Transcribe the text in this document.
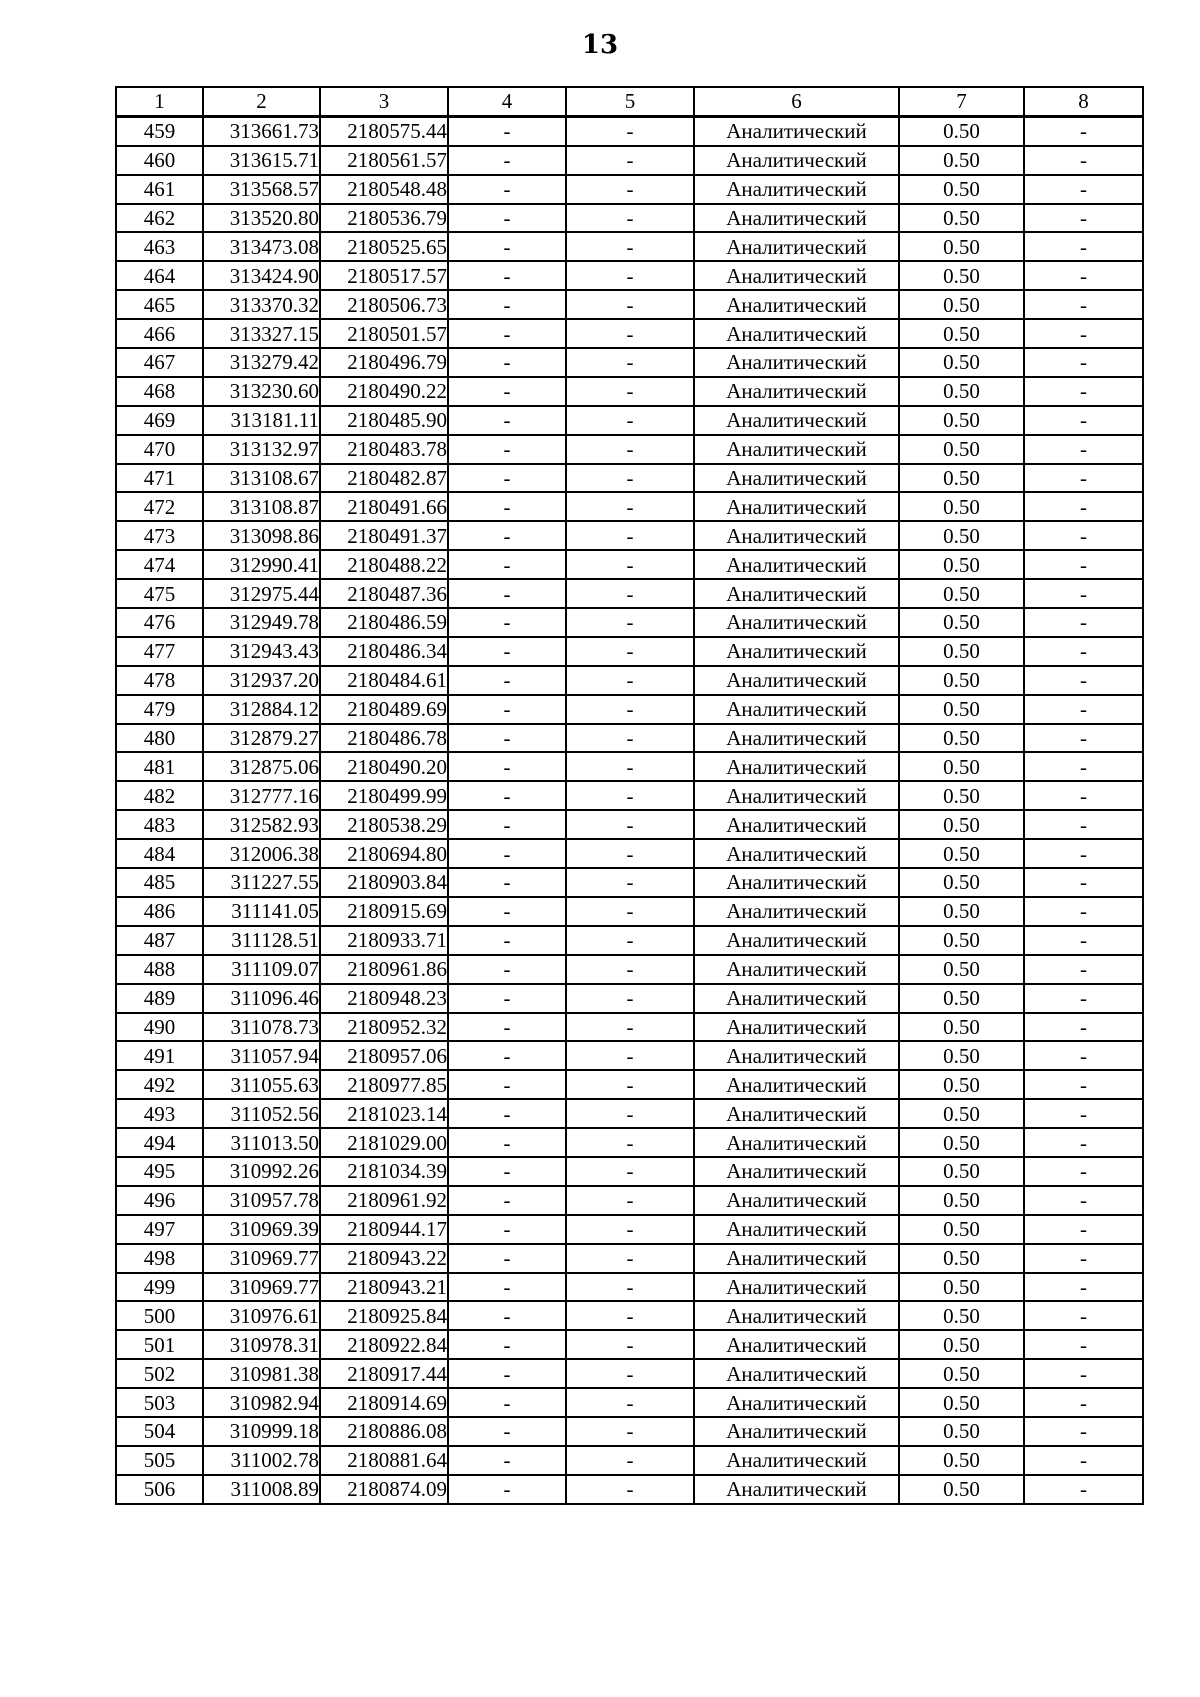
13
1	2	3	4	5	6	7	8
459	313661.73	2180575.44	-	-	Аналитический	0.50	-
460	313615.71	2180561.57	-	-	Аналитический	0.50	-
461	313568.57	2180548.48	-	-	Аналитический	0.50	-
462	313520.80	2180536.79	-	-	Аналитический	0.50	-
463	313473.08	2180525.65	-	-	Аналитический	0.50	-
464	313424.90	2180517.57	-	-	Аналитический	0.50	-
465	313370.32	2180506.73	-	-	Аналитический	0.50	-
466	313327.15	2180501.57	-	-	Аналитический	0.50	-
467	313279.42	2180496.79	-	-	Аналитический	0.50	-
468	313230.60	2180490.22	-	-	Аналитический	0.50	-
469	313181.11	2180485.90	-	-	Аналитический	0.50	-
470	313132.97	2180483.78	-	-	Аналитический	0.50	-
471	313108.67	2180482.87	-	-	Аналитический	0.50	-
472	313108.87	2180491.66	-	-	Аналитический	0.50	-
473	313098.86	2180491.37	-	-	Аналитический	0.50	-
474	312990.41	2180488.22	-	-	Аналитический	0.50	-
475	312975.44	2180487.36	-	-	Аналитический	0.50	-
476	312949.78	2180486.59	-	-	Аналитический	0.50	-
477	312943.43	2180486.34	-	-	Аналитический	0.50	-
478	312937.20	2180484.61	-	-	Аналитический	0.50	-
479	312884.12	2180489.69	-	-	Аналитический	0.50	-
480	312879.27	2180486.78	-	-	Аналитический	0.50	-
481	312875.06	2180490.20	-	-	Аналитический	0.50	-
482	312777.16	2180499.99	-	-	Аналитический	0.50	-
483	312582.93	2180538.29	-	-	Аналитический	0.50	-
484	312006.38	2180694.80	-	-	Аналитический	0.50	-
485	311227.55	2180903.84	-	-	Аналитический	0.50	-
486	311141.05	2180915.69	-	-	Аналитический	0.50	-
487	311128.51	2180933.71	-	-	Аналитический	0.50	-
488	311109.07	2180961.86	-	-	Аналитический	0.50	-
489	311096.46	2180948.23	-	-	Аналитический	0.50	-
490	311078.73	2180952.32	-	-	Аналитический	0.50	-
491	311057.94	2180957.06	-	-	Аналитический	0.50	-
492	311055.63	2180977.85	-	-	Аналитический	0.50	-
493	311052.56	2181023.14	-	-	Аналитический	0.50	-
494	311013.50	2181029.00	-	-	Аналитический	0.50	-
495	310992.26	2181034.39	-	-	Аналитический	0.50	-
496	310957.78	2180961.92	-	-	Аналитический	0.50	-
497	310969.39	2180944.17	-	-	Аналитический	0.50	-
498	310969.77	2180943.22	-	-	Аналитический	0.50	-
499	310969.77	2180943.21	-	-	Аналитический	0.50	-
500	310976.61	2180925.84	-	-	Аналитический	0.50	-
501	310978.31	2180922.84	-	-	Аналитический	0.50	-
502	310981.38	2180917.44	-	-	Аналитический	0.50	-
503	310982.94	2180914.69	-	-	Аналитический	0.50	-
504	310999.18	2180886.08	-	-	Аналитический	0.50	-
505	311002.78	2180881.64	-	-	Аналитический	0.50	-
506	311008.89	2180874.09	-	-	Аналитический	0.50	-
